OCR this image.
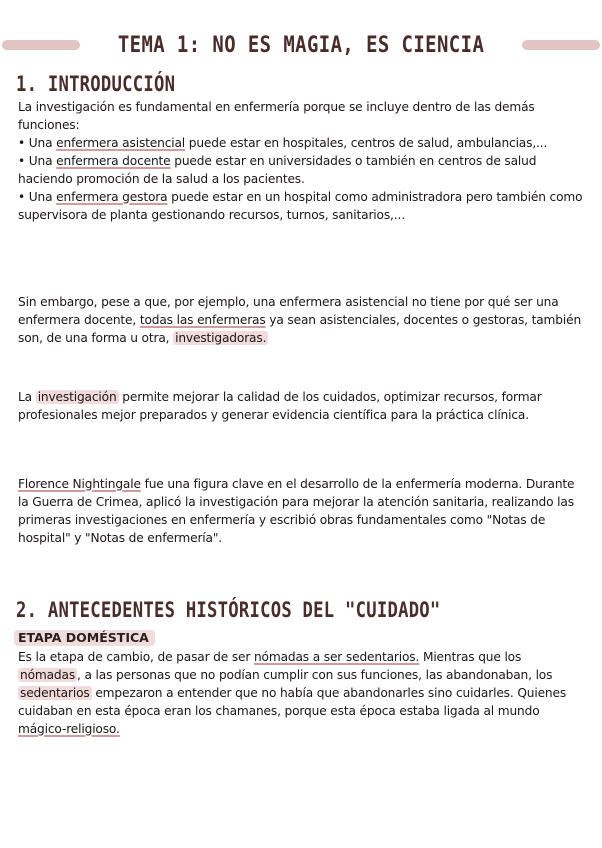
TEMA 1: NO ES MAGIA, ES CIENCIA
1. INTRODUCCIÓN

La investigación es fundamental en enfermería porque se incluye dentro de las demás funciones:

• Una enfermera asistencial puede estar en hospitales, centros de salud, ambulancias,...

• Una enfermera docente puede estar en universidades o también en centros de salud haciendo promoción de la salud a los pacientes.

• Una enfermera gestora puede estar en un hospital como administradora pero también como supervisora de planta gestionando recursos, turnos, sanitarios,...

Sin embargo, pese a que, por ejemplo, una enfermera asistencial no tiene por qué ser una enfermera docente, todas las enfermeras ya sean asistenciales, docentes o gestoras, también son, de una forma u otra, investigadoras.

La investigación permite mejorar la calidad de los cuidados, optimizar recursos, formar profesionales mejor preparados y generar evidencia científica para la práctica clínica.

Florence Nightingale fue una figura clave en el desarrollo de la enfermería moderna. Durante la Guerra de Crimea, aplicó la investigación para mejorar la atención sanitaria, realizando las primeras investigaciones en enfermería y escribió obras fundamentales como "Notas de hospital" y "Notas de enfermería".

2. ANTECEDENTES HISTÓRICOS DEL "CUIDADO"
ETAPA DOMÉSTICA

Es la etapa de cambio, de pasar de ser nómadas a ser sedentarios. Mientras que los nómadas , a las personas que no podían cumplir con sus funciones, las abandonaban, los sedentarios empezaron a entender que no había que abandonarles sino cuidarles. Quienes cuidaban en esta época eran los chamanes, porque esta época estaba ligada al mundo mágico-religioso.
